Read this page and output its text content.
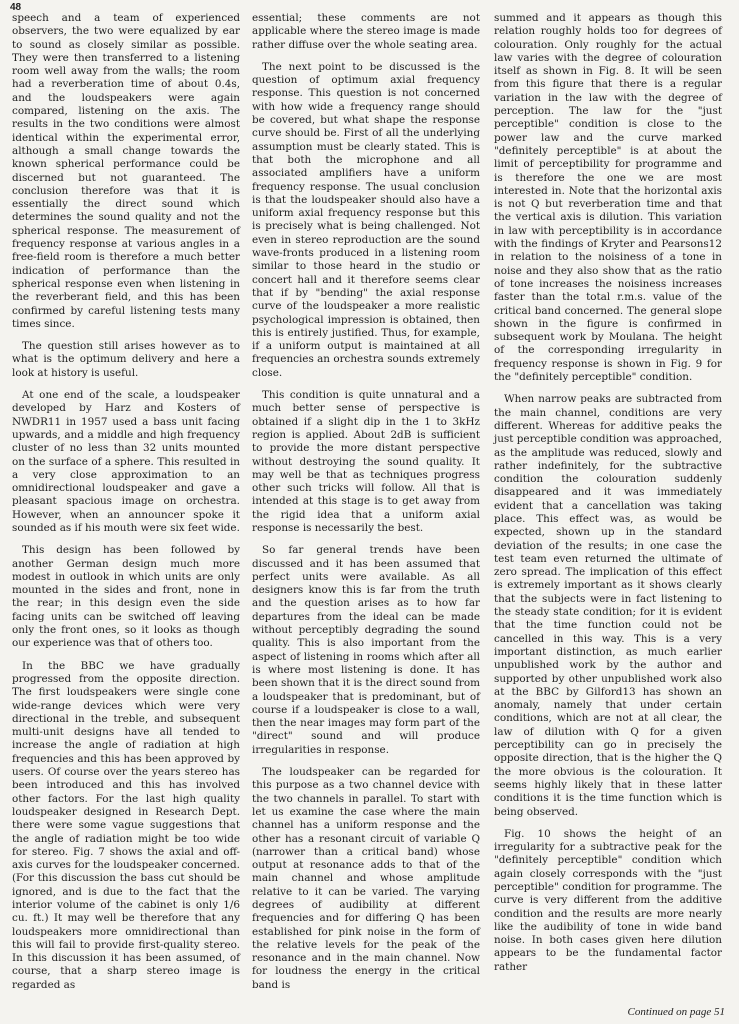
48

speech and a team of experienced observers, the two were equalized by ear to sound as closely similar as possible. They were then transferred to a listening room well away from the walls; the room had a reverberation time of about 0.4s, and the loudspeakers were again compared, listening on the axis. The results in the two conditions were almost identical within the experimental error, although a small change towards the known spherical performance could be discerned but not guaranteed. The conclusion therefore was that it is essentially the direct sound which determines the sound quality and not the spherical response. The measurement of frequency response at various angles in a free-field room is therefore a much better indication of performance than the spherical response even when listening in the reverberant field, and this has been confirmed by careful listening tests many times since.

The question still arises however as to what is the optimum delivery and here a look at history is useful.

At one end of the scale, a loudspeaker developed by Harz and Kosters of NWDR11 in 1957 used a bass unit facing upwards, and a middle and high frequency cluster of no less than 32 units mounted on the surface of a sphere. This resulted in a very close approximation to an omnidirectional loudspeaker and gave a pleasant spacious image on orchestra. However, when an announcer spoke it sounded as if his mouth were six feet wide.

This design has been followed by another German design much more modest in outlook in which units are only mounted in the sides and front, none in the rear; in this design even the side facing units can be switched off leaving only the front ones, so it looks as though our experience was that of others too.

In the BBC we have gradually progressed from the opposite direction. The first loudspeakers were single cone wide-range devices which were very directional in the treble, and subsequent multi-unit designs have all tended to increase the angle of radiation at high frequencies and this has been approved by users. Of course over the years stereo has been introduced and this has involved other factors. For the last high quality loudspeaker designed in Research Dept. there were some vague suggestions that the angle of radiation might be too wide for stereo. Fig. 7 shows the axial and off-axis curves for the loudspeaker concerned. (For this discussion the bass cut should be ignored, and is due to the fact that the interior volume of the cabinet is only 1/6 cu. ft.) It may well be therefore that any loudspeakers more omnidirectional than this will fail to provide first-quality stereo. In this discussion it has been assumed, of course, that a sharp stereo image is regarded as

essential; these comments are not applicable where the stereo image is made rather diffuse over the whole seating area.

The next point to be discussed is the question of optimum axial frequency response. This question is not concerned with how wide a frequency range should be covered, but what shape the response curve should be. First of all the underlying assumption must be clearly stated. This is that both the microphone and all associated amplifiers have a uniform frequency response. The usual conclusion is that the loudspeaker should also have a uniform axial frequency response but this is precisely what is being challenged. Not even in stereo reproduction are the sound wave-fronts produced in a listening room similar to those heard in the studio or concert hall and it therefore seems clear that if by "bending" the axial response curve of the loudspeaker a more realistic psychological impression is obtained, then this is entirely justified. Thus, for example, if a uniform output is maintained at all frequencies an orchestra sounds extremely close.

This condition is quite unnatural and a much better sense of perspective is obtained if a slight dip in the 1 to 3kHz region is applied. About 2dB is sufficient to provide the more distant perspective without destroying the sound quality. It may well be that as techniques progress other such tricks will follow. All that is intended at this stage is to get away from the rigid idea that a uniform axial response is necessarily the best.

So far general trends have been discussed and it has been assumed that perfect units were available. As all designers know this is far from the truth and the question arises as to how far departures from the ideal can be made without perceptibly degrading the sound quality. This is also important from the aspect of listening in rooms which after all is where most listening is done. It has been shown that it is the direct sound from a loudspeaker that is predominant, but of course if a loudspeaker is close to a wall, then the near images may form part of the "direct" sound and will produce irregularities in response.

The loudspeaker can be regarded for this purpose as a two channel device with the two channels in parallel. To start with let us examine the case where the main channel has a uniform response and the other has a resonant circuit of variable Q (narrower than a critical band) whose output at resonance adds to that of the main channel and whose amplitude relative to it can be varied. The varying degrees of audibility at different frequencies and for differing Q has been established for pink noise in the form of the relative levels for the peak of the resonance and in the main channel. Now for loudness the energy in the critical band is

summed and it appears as though this relation roughly holds too for degrees of colouration. Only roughly for the actual law varies with the degree of colouration itself as shown in Fig. 8. It will be seen from this figure that there is a regular variation in the law with the degree of perception. The law for the "just perceptible" condition is close to the power law and the curve marked "definitely perceptible" is at about the limit of perceptibility for programme and is therefore the one we are most interested in. Note that the horizontal axis is not Q but reverberation time and that the vertical axis is dilution. This variation in law with perceptibility is in accordance with the findings of Kryter and Pearsons12 in relation to the noisiness of a tone in noise and they also show that as the ratio of tone increases the noisiness increases faster than the total r.m.s. value of the critical band concerned. The general slope shown in the figure is confirmed in subsequent work by Moulana. The height of the corresponding irregularity in frequency response is shown in Fig. 9 for the "definitely perceptible" condition.

When narrow peaks are subtracted from the main channel, conditions are very different. Whereas for additive peaks the just perceptible condition was approached, as the amplitude was reduced, slowly and rather indefinitely, for the subtractive condition the colouration suddenly disappeared and it was immediately evident that a cancellation was taking place. This effect was, as would be expected, shown up in the standard deviation of the results; in one case the test team even returned the ultimate of zero spread. The implication of this effect is extremely important as it shows clearly that the subjects were in fact listening to the steady state condition; for it is evident that the time function could not be cancelled in this way. This is a very important distinction, as much earlier unpublished work by the author and supported by other unpublished work also at the BBC by Gilford13 has shown an anomaly, namely that under certain conditions, which are not at all clear, the law of dilution with Q for a given perceptibility can go in precisely the opposite direction, that is the higher the Q the more obvious is the colouration. It seems highly likely that in these latter conditions it is the time function which is being observed.

Fig. 10 shows the height of an irregularity for a subtractive peak for the "definitely perceptible" condition which again closely corresponds with the "just perceptible" condition for programme. The curve is very different from the additive condition and the results are more nearly like the audibility of tone in wide band noise. In both cases given here dilution appears to be the fundamental factor rather

Continued on page 51
